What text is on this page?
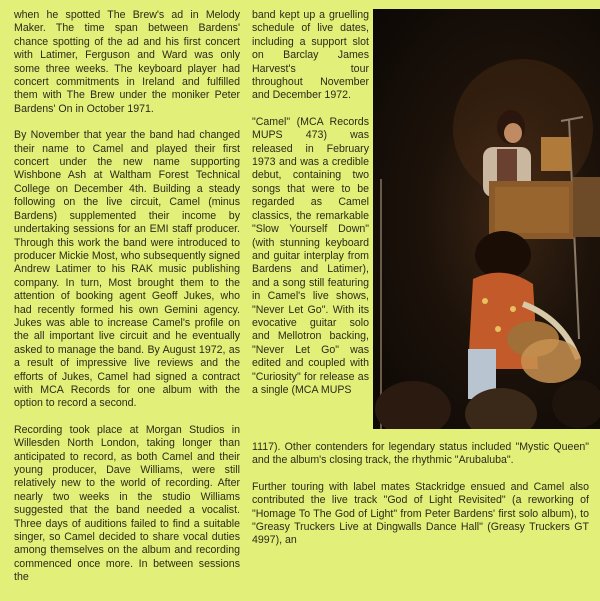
when he spotted The Brew's ad in Melody Maker. The time span between Bardens' chance spotting of the ad and his first concert with Latimer, Ferguson and Ward was only some three weeks. The keyboard player had concert commitments in Ireland and fulfilled them with The Brew under the moniker Peter Bardens' On in October 1971.

By November that year the band had changed their name to Camel and played their first concert under the new name supporting Wishbone Ash at Waltham Forest Technical College on December 4th. Building a steady following on the live circuit, Camel (minus Bardens) supplemented their income by undertaking sessions for an EMI staff producer. Through this work the band were introduced to producer Mickie Most, who subsequently signed Andrew Latimer to his RAK music publishing company. In turn, Most brought them to the attention of booking agent Geoff Jukes, who had recently formed his own Gemini agency. Jukes was able to increase Camel's profile on the all important live circuit and he eventually asked to manage the band. By August 1972, as a result of impressive live reviews and the efforts of Jukes, Camel had signed a contract with MCA Records for one album with the option to record a second.

Recording took place at Morgan Studios in Willesden North London, taking longer than anticipated to record, as both Camel and their young producer, Dave Williams, were still relatively new to the world of recording. After nearly two weeks in the studio Williams suggested that the band needed a vocalist. Three days of auditions failed to find a suitable singer, so Camel decided to share vocal duties among themselves on the album and recording commenced once more. In between sessions the

band kept up a gruelling schedule of live dates, including a support slot on Barclay James Harvest's tour throughout November and December 1972.

"Camel" (MCA Records MUPS 473) was released in February 1973 and was a credible debut, containing two songs that were to be regarded as Camel classics, the remarkable "Slow Yourself Down" (with stunning keyboard and guitar interplay from Bardens and Latimer), and a song still featuring in Camel's live shows, "Never Let Go". With its evocative guitar solo and Mellotron backing, "Never Let Go" was edited and coupled with "Curiosity" for release as a single (MCA MUPS

1117). Other contenders for legendary status included "Mystic Queen" and the album's closing track, the rhythmic "Arubaluba".

Further touring with label mates Stackridge ensued and Camel also contributed the live track "God of Light Revisited" (a reworking of "Homage To The God of Light" from Peter Bardens' first solo album), to "Greasy Truckers Live at Dingwalls Dance Hall" (Greasy Truckers GT 4997), an
